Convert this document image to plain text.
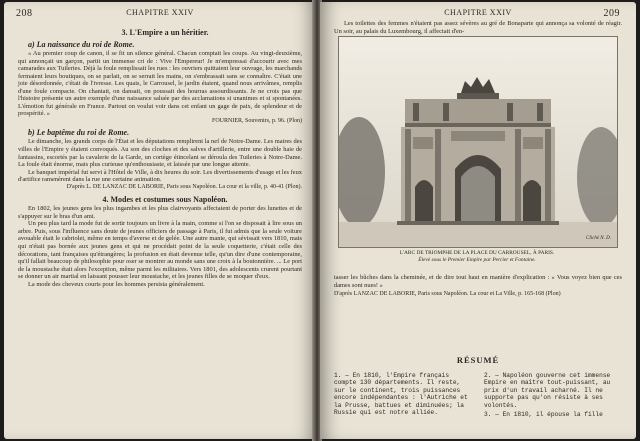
208	CHAPITRE XXIV

3. L'Empire a un héritier.

a) La naissance du roi de Rome.

« Au premier coup de canon, il se fit un silence général. Chacun comptait les coups. Au vingt-deuxième, qui annonçait un garçon, partit un immense cri de : Vive l'Empereur! Je m'empressai d'accourir avec mes camarades aux Tuileries. Déjà la foule remplissait les rues : les ouvriers quittaient leur ouvrage, les marchands fermaient leurs boutiques, on se parlait, on se serrait les mains, on s'embrassait sans se connaître. C'était une joie désordonnée, c'était de l'ivresse. Les quais, le Carrousel, le jardin étaient, quand nous arrivâmes, remplis d'une foule compacte. On chantait, on dansait, on poussait des hourras assourdissants. Je ne crois pas que l'histoire présente un autre exemple d'une naissance saluée par des acclamations si unanimes et si spontanées. L'émotion fut générale en France. Partout on voulut voir dans cet enfant un gage de paix, de splendeur et de prospérité. »

FOURNIER, Souvenirs, p. 96. (Plon)

b) Le baptême du roi de Rome.

Le dimanche, les grands corps de l'État et les députations remplirent la nef de Notre-Dame. Les maires des villes de l'Empire y étaient convoqués. Au son des cloches et des salves d'artillerie, entre une double haie de fantassins, escortés par la cavalerie de la Garde, un cortège étincelant se déroula des Tuileries à Notre-Dame. La foule était énorme, mais plus curieuse qu'enthousiaste, et laissée par une longue attente.

Le banquet impérial fut servi à l'Hôtel de Ville, à dix heures du soir. Les divertissements d'usage et les feux d'artifice ramenèrent dans la rue une certaine animation.

D'après L. DE LANZAC DE LABORIE, Paris sous Napoléon. La cour et la ville, p. 40-41 (Plon).

4. Modes et costumes sous Napoléon.

En 1802, les jeunes gens les plus ingambes et les plus clairvoyants affectaient de porter des lunettes et de s'appuyer sur le bras d'un ami.

Un peu plus tard la mode fut de sortir toujours un livre à la main, comme si l'on se disposait à lire sous un arbre. Puis, sous l'influence sans doute de jeunes officiers de passage à Paris, il fut admis que la seule voiture avouable était le cabriolet, même en temps d'averse et de gelée. Une autre manie, qui sévissait vers 1810, mais qui n'était pas bornée aux jeunes gens et qui ne procédait point de la seule coquetterie, c'était celle des décorations, tant françaises qu'étrangères; la profusion en était devenue telle, qu'un dire d'une contemporaine, qu'il fallait beaucoup de philosophie pour oser se montrer au monde sans une croix à la boutonnière. ... Le port de la moustache était alors l'exception, même parmi les militaires. Vers 1801, des adolescents crurent pourtant se donner un air martial en laissant pousser leur moustache, et les jeunes filles de se moquer d'eux.

La mode des cheveux courts pour les hommes persista généralement.

CHAPITRE XXIV	209

Les toilettes des femmes n'étaient pas assez sévères au gré de Bonaparte qui annonça sa volonté de réagir. Un soir, au palais du Luxembourg, il affectait d'en-

Cliché N. D.
L'ARC DE TRIOMPHE DE LA PLACE DU CARROUSEL, À PARIS.
Élevé sous le Premier Empire par Percier et Fontaine.

tasser les bûches dans la cheminée, et de dire tout haut en manière d'explication : « Vous voyez bien que ces dames sont nues! »

D'après LANZAC DE LABORIE, Paris sous Napoléon. La cour et La Ville, p. 165-168 (Plon)

RÉSUMÉ
1. — En 1810, l'Empire français compte 130 départements. Il reste, sur le continent, trois puissances encore indépendantes : l'Autriche et la Prusse, battues et diminuées; la Russie qui est notre alliée.
2. — Napoléon gouverne cet immense Empire en maître tout-puissant, au prix d'un travail acharné. Il ne supporte pas qu'on résiste à ses volontés.
3. — En 1810, il épouse la fille
